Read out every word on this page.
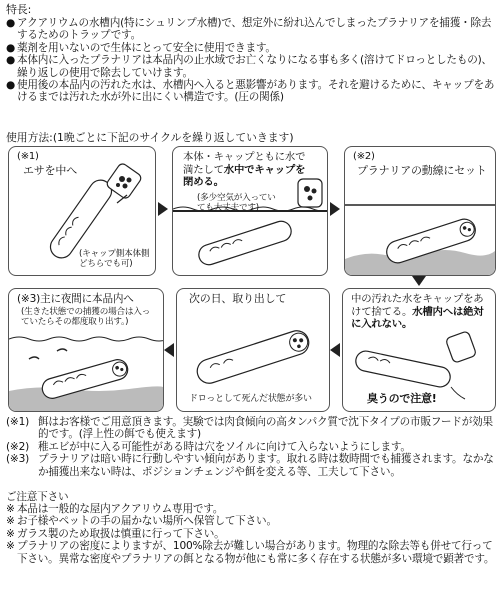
特長:
● アクアリウムの水槽内(特にシュリンプ水槽)で、想定外に紛れ込んでしまったプラナリアを捕獲・除去するためのトラップです。
● 薬剤を用いないので生体にとって安全に使用できます。
● 本体内に入ったプラナリアは本品内の止水域でお亡くなりになる事も多く(溶けてドロっとしたもの)、繰り返しの使用で除去していけます。
● 使用後の本品内の汚れた水は、水槽内へ入ると悪影響があります。それを避けるために、キャップをあけるまでは汚れた水が外に出にくい構造です。(圧の関係)
使用方法:(1晩ごとに下記のサイクルを繰り返していきます)
(※1)
エサを中へ
(キャップ側本体側どちらでも可)
本体・キャップともに水で満たして水中でキャップを閉める。
(多少空気が入っていても大丈夫です)
(※2)
プラナリアの動線にセット
(※3)主に夜間に本品内へ
(生きた状態での捕獲の場合は入っていたらその都度取り出す。)
次の日、取り出して
ドロっとして死んだ状態が多い
中の汚れた水をキャップをあけて捨てる。水槽内へは絶対に入れない。
臭うので注意!
(※1) 餌はお客様でご用意頂きます。実験では肉食傾向の高タンパク質で沈下タイプの市販フードが効果的です。(浮上性の餌でも使えます)
(※2) 稚エビが中に入る可能性がある時は穴をソイルに向けて入らないようにします。
(※3) プラナリアは暗い時に行動しやすい傾向があります。取れる時は数時間でも捕獲されます。なかなか捕獲出来ない時は、ポジションチェンジや餌を変える等、工夫して下さい。
ご注意下さい
※ 本品は一般的な屋内アクアリウム専用です。
※ お子様やペットの手の届かない場所へ保管して下さい。
※ ガラス製のため取扱は慎重に行って下さい。
※ プラナリアの密度によりますが、100%除去が難しい場合があります。物理的な除去等も併せて行って下さい。異常な密度やプラナリアの餌となる物が他にも常に多く存在する状態が多い環境で顕著です。
